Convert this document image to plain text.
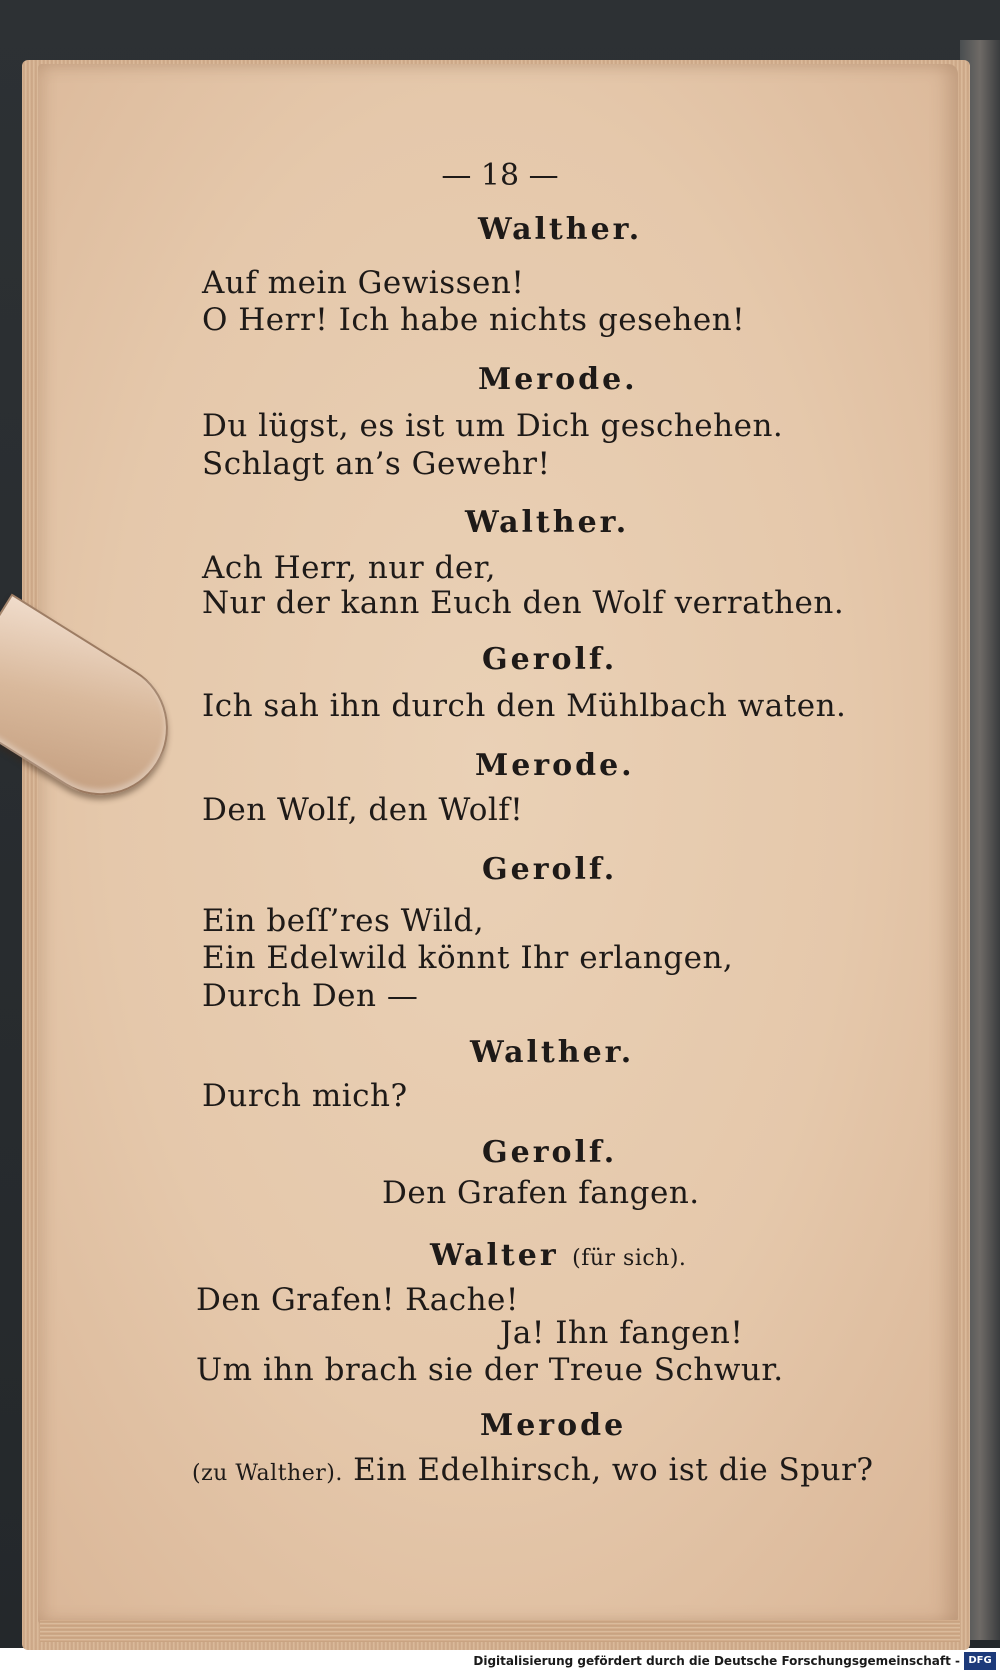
— 18 —
Walther.
Auf mein Gewissen!
O Herr! Ich habe nichts gesehen!
Merode.
Du lügst, es ist um Dich geschehen.
Schlagt an’s Gewehr!
Walther.
Ach Herr, nur der,
Nur der kann Euch den Wolf verrathen.
Gerolf.
Ich sah ihn durch den Mühlbach waten.
Merode.
Den Wolf, den Wolf!
Gerolf.
Ein beſſ’res Wild,
Ein Edelwild könnt Ihr erlangen,
Durch Den —
Walther.
Durch mich?
Gerolf.
Den Grafen fangen.
Walter (für sich).
Den Grafen! Rache!
Ja! Ihn fangen!
Um ihn brach sie der Treue Schwur.
Merode
(zu Walther). Ein Edelhirsch, wo ist die Spur?
Digitalisierung gefördert durch die Deutsche Forschungsgemeinschaft - DFG
